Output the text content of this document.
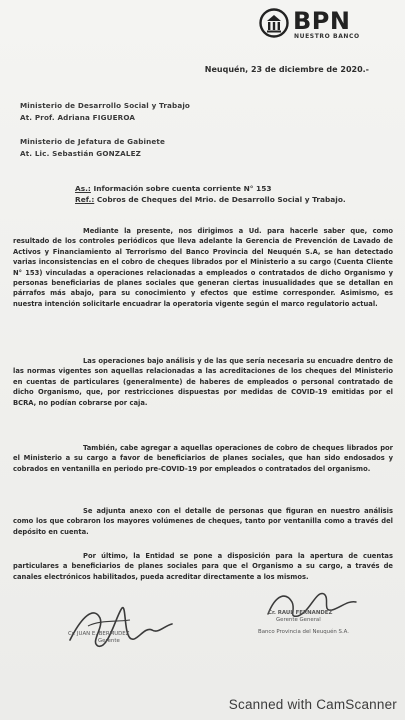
BPN
NUESTRO BANCO
Neuquén, 23 de diciembre de 2020.-
Ministerio de Desarrollo Social y Trabajo
At. Prof. Adriana FIGUEROA
Ministerio de Jefatura de Gabinete
At. Lic. Sebastián GONZALEZ
As.: Información sobre cuenta corriente N° 153
Ref.: Cobros de Cheques del Mrio. de Desarrollo Social y Trabajo.
Mediante la presente, nos dirigimos a Ud. para hacerle saber que, como resultado de los controles periódicos que lleva adelante la Gerencia de Prevención de Lavado de Activos y Financiamiento al Terrorismo del Banco Provincia del Neuquén S.A, se han detectado varias inconsistencias en el cobro de cheques librados por el Ministerio a su cargo (Cuenta Cliente N° 153) vinculadas a operaciones relacionadas a empleados o contratados de dicho Organismo y personas beneficiarias de planes sociales que generan ciertas inusualidades que se detallan en párrafos más abajo, para su conocimiento y efectos que estime corresponder. Asimismo, es nuestra intención solicitarle encuadrar la operatoria vigente según el marco regulatorio actual.
Las operaciones bajo análisis y de las que sería necesaria su encuadre dentro de las normas vigentes son aquellas relacionadas a las acreditaciones de los cheques del Ministerio en cuentas de particulares (generalmente) de haberes de empleados o personal contratado de dicho Organismo, que, por restricciones dispuestas por medidas de COVID-19 emitidas por el BCRA, no podían cobrarse por caja.
También, cabe agregar a aquellas operaciones de cobro de cheques librados por el Ministerio a su cargo a favor de beneficiarios de planes sociales, que han sido endosados y cobrados en ventanilla en periodo pre-COVID-19 por empleados o contratados del organismo.
Se adjunta anexo con el detalle de personas que figuran en nuestro análisis como los que cobraron los mayores volúmenes de cheques, tanto por ventanilla como a través del depósito en cuenta.
Por último, la Entidad se pone a disposición para la apertura de cuentas particulares a beneficiarios de planes sociales para que el Organismo a su cargo, a través de canales electrónicos habilitados, pueda acreditar directamente a los mismos.
Cr. JUAN E. BERMUDEZ
Gerente
Cr. RAUL FERNANDEZ
Gerente General
Banco Provincia del Neuquén S.A.
Scanned with CamScanner
